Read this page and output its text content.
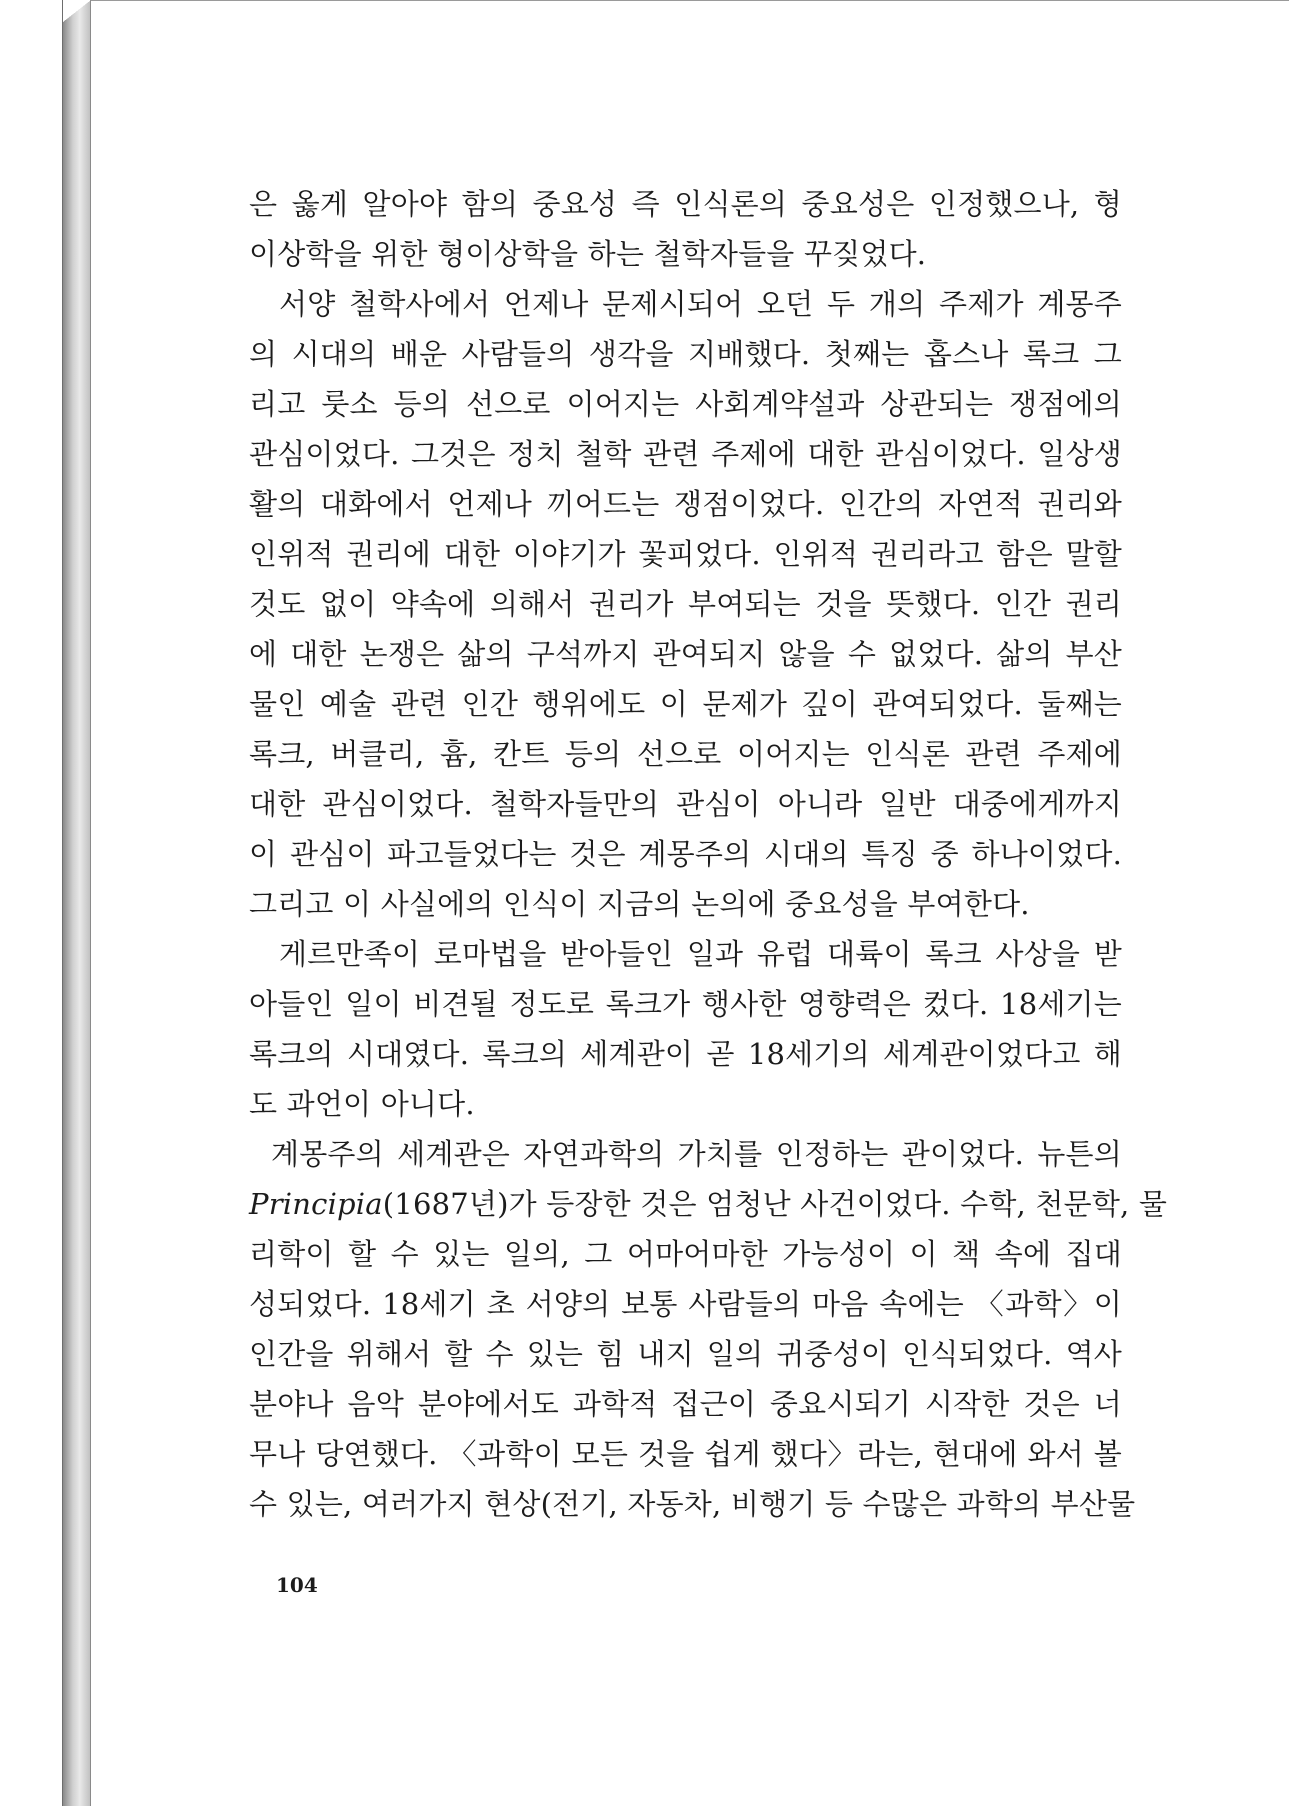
은 옳게 알아야 함의 중요성 즉 인식론의 중요성은 인정했으나, 형
이상학을 위한 형이상학을 하는 철학자들을 꾸짖었다.
서양 철학사에서 언제나 문제시되어 오던 두 개의 주제가 계몽주
의 시대의 배운 사람들의 생각을 지배했다. 첫째는 홉스나 록크 그
리고 룻소 등의 선으로 이어지는 사회계약설과 상관되는 쟁점에의
관심이었다. 그것은 정치 철학 관련 주제에 대한 관심이었다. 일상생
활의 대화에서 언제나 끼어드는 쟁점이었다. 인간의 자연적 권리와
인위적 권리에 대한 이야기가 꽃피었다. 인위적 권리라고 함은 말할
것도 없이 약속에 의해서 권리가 부여되는 것을 뜻했다. 인간 권리
에 대한 논쟁은 삶의 구석까지 관여되지 않을 수 없었다. 삶의 부산
물인 예술 관련 인간 행위에도 이 문제가 깊이 관여되었다. 둘째는
록크, 버클리, 흄, 칸트 등의 선으로 이어지는 인식론 관련 주제에
대한 관심이었다. 철학자들만의 관심이 아니라 일반 대중에게까지
이 관심이 파고들었다는 것은 계몽주의 시대의 특징 중 하나이었다.
그리고 이 사실에의 인식이 지금의 논의에 중요성을 부여한다.
게르만족이 로마법을 받아들인 일과 유럽 대륙이 록크 사상을 받
아들인 일이 비견될 정도로 록크가 행사한 영향력은 컸다. 18세기는
록크의 시대였다. 록크의 세계관이 곧 18세기의 세계관이었다고 해
도 과언이 아니다.
계몽주의 세계관은 자연과학의 가치를 인정하는 관이었다. 뉴튼의
Principia(1687년)가 등장한 것은 엄청난 사건이었다. 수학, 천문학, 물
리학이 할 수 있는 일의, 그 어마어마한 가능성이 이 책 속에 집대
성되었다. 18세기 초 서양의 보통 사람들의 마음 속에는 〈과학〉이
인간을 위해서 할 수 있는 힘 내지 일의 귀중성이 인식되었다. 역사
분야나 음악 분야에서도 과학적 접근이 중요시되기 시작한 것은 너
무나 당연했다. 〈과학이 모든 것을 쉽게 했다〉라는, 현대에 와서 볼
수 있는, 여러가지 현상(전기, 자동차, 비행기 등 수많은 과학의 부산물
104
